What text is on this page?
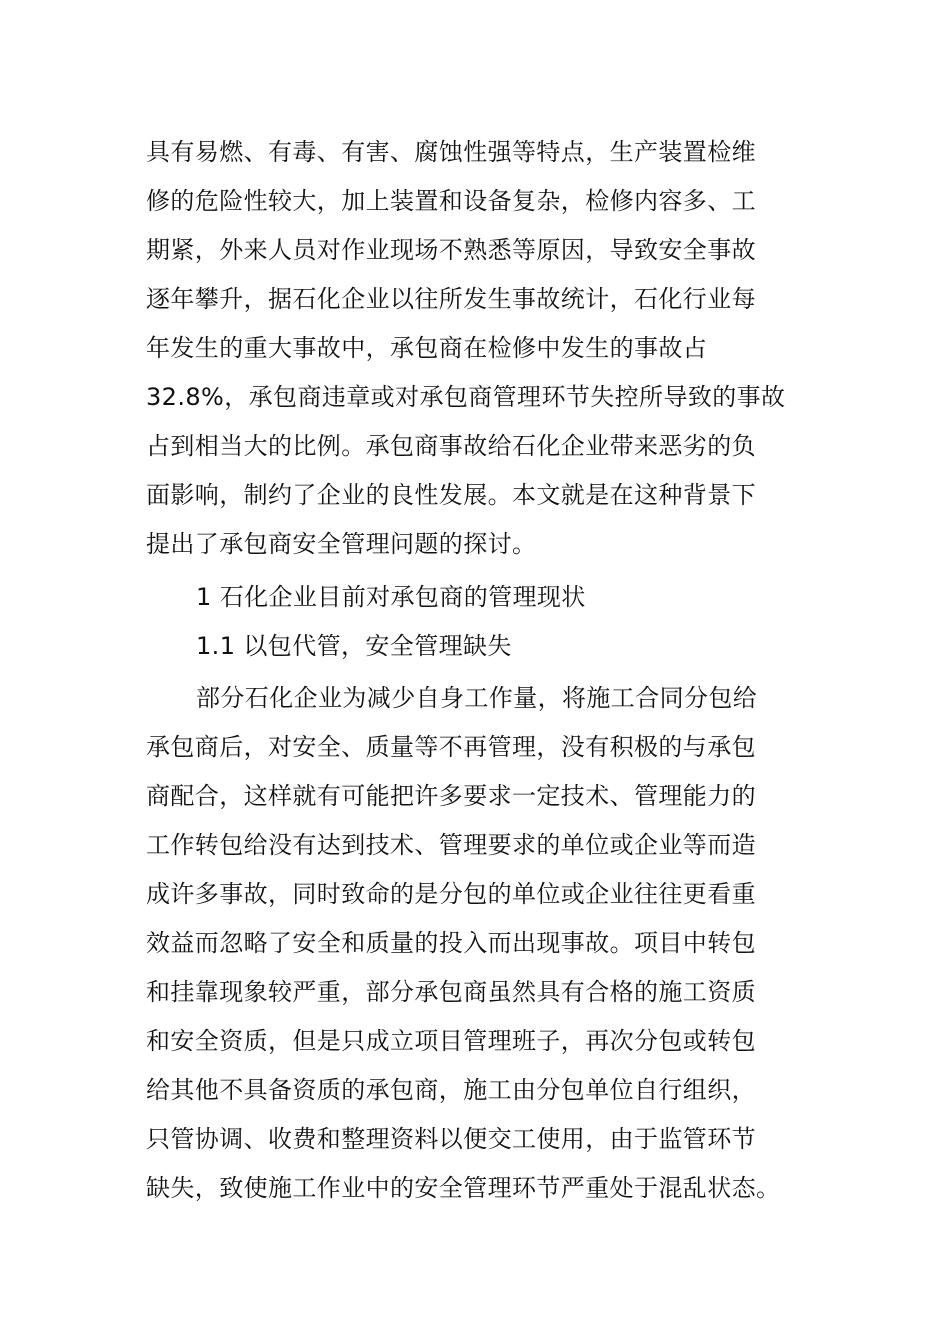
具有易燃、有毒、有害、腐蚀性强等特点，生产装置检维
修的危险性较大，加上装置和设备复杂，检修内容多、工
期紧，外来人员对作业现场不熟悉等原因，导致安全事故
逐年攀升，据石化企业以往所发生事故统计，石化行业每
年发生的重大事故中，承包商在检修中发生的事故占
32.8%，承包商违章或对承包商管理环节失控所导致的事故
占到相当大的比例。承包商事故给石化企业带来恶劣的负
面影响，制约了企业的良性发展。本文就是在这种背景下
提出了承包商安全管理问题的探讨。
1 石化企业目前对承包商的管理现状
1.1 以包代管，安全管理缺失
部分石化企业为减少自身工作量，将施工合同分包给
承包商后，对安全、质量等不再管理，没有积极的与承包
商配合，这样就有可能把许多要求一定技术、管理能力的
工作转包给没有达到技术、管理要求的单位或企业等而造
成许多事故，同时致命的是分包的单位或企业往往更看重
效益而忽略了安全和质量的投入而出现事故。项目中转包
和挂靠现象较严重，部分承包商虽然具有合格的施工资质
和安全资质，但是只成立项目管理班子，再次分包或转包
给其他不具备资质的承包商，施工由分包单位自行组织，
只管协调、收费和整理资料以便交工使用，由于监管环节
缺失，致使施工作业中的安全管理环节严重处于混乱状态。
